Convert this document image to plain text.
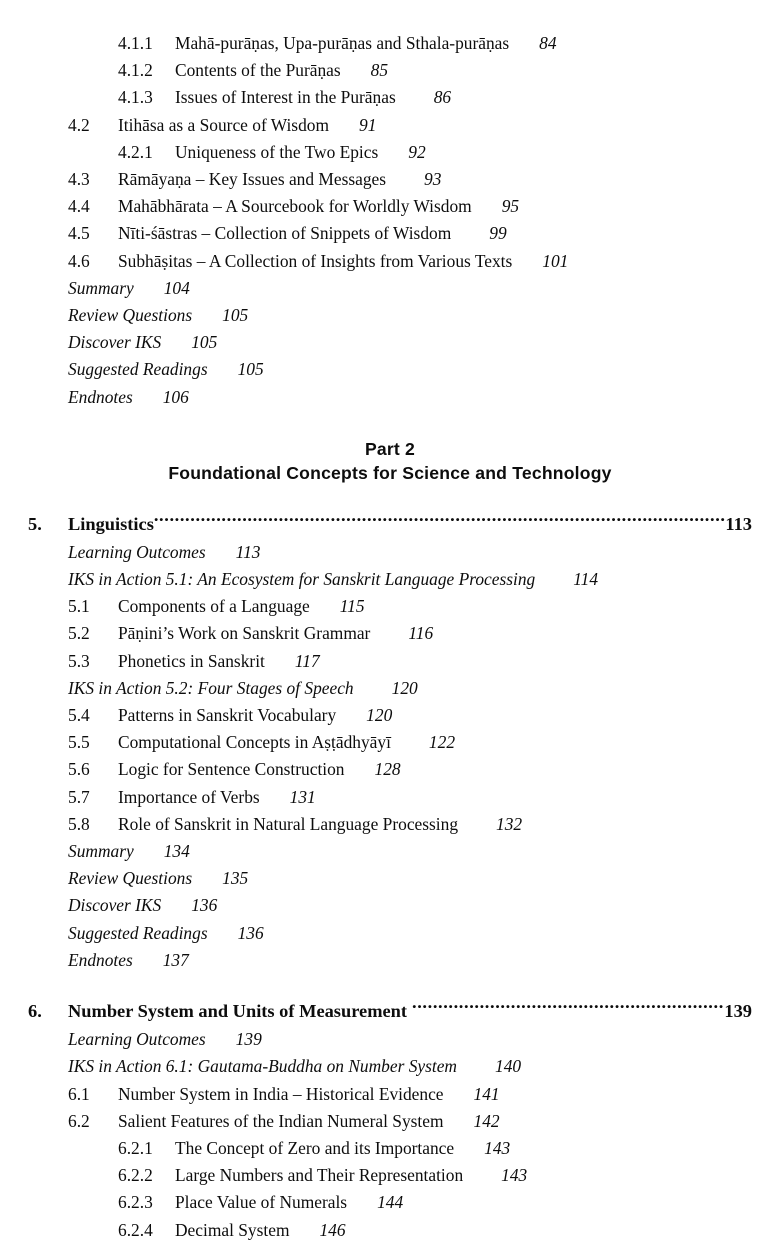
4.1.1	Mahā-purāṇas, Upa-purāṇas and Sthala-purāṇas 84
4.1.2	Contents of the Purāṇas 85
4.1.3	Issues of Interest in the Purāṇas 86
4.2	Itihāsa as a Source of Wisdom 91
4.2.1	Uniqueness of the Two Epics 92
4.3	Rāmāyaṇa – Key Issues and Messages 93
4.4	Mahābhārata – A Sourcebook for Worldly Wisdom 95
4.5	Nīti-śāstras – Collection of Snippets of Wisdom 99
4.6	Subhāṣitas – A Collection of Insights from Various Texts 101
Summary 104
Review Questions 105
Discover IKS 105
Suggested Readings 105
Endnotes 106
Part 2
Foundational Concepts for Science and Technology
5.	Linguistics .....	113
Learning Outcomes 113
IKS in Action 5.1: An Ecosystem for Sanskrit Language Processing 114
5.1	Components of a Language 115
5.2	Pāṇini’s Work on Sanskrit Grammar 116
5.3	Phonetics in Sanskrit 117
IKS in Action 5.2: Four Stages of Speech 120
5.4	Patterns in Sanskrit Vocabulary 120
5.5	Computational Concepts in Aṣṭādhyāyī 122
5.6	Logic for Sentence Construction 128
5.7	Importance of Verbs 131
5.8	Role of Sanskrit in Natural Language Processing 132
Summary 134
Review Questions 135
Discover IKS 136
Suggested Readings 136
Endnotes 137
6.	Number System and Units of Measurement .....	139
Learning Outcomes 139
IKS in Action 6.1: Gautama-Buddha on Number System 140
6.1	Number System in India – Historical Evidence 141
6.2	Salient Features of the Indian Numeral System 142
6.2.1	The Concept of Zero and its Importance 143
6.2.2	Large Numbers and Their Representation 143
6.2.3	Place Value of Numerals 144
6.2.4	Decimal System 146
